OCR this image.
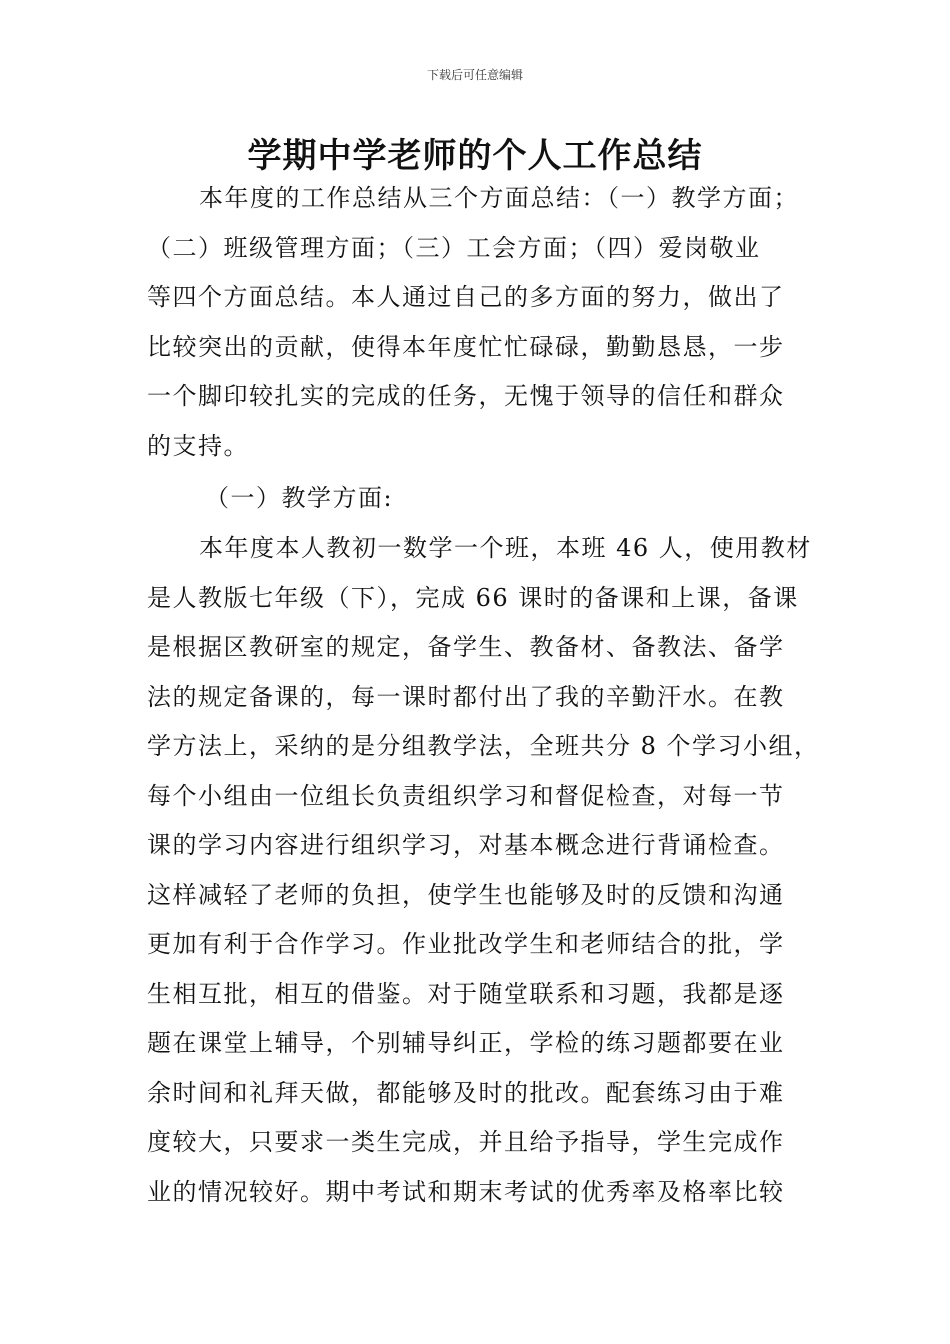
下载后可任意编辑
学期中学老师的个人工作总结
本年度的工作总结从三个方面总结：（一）教学方面；
（二）班级管理方面；（三）工会方面；（四）爱岗敬业
等四个方面总结。本人通过自己的多方面的努力，做出了
比较突出的贡献，使得本年度忙忙碌碌，勤勤恳恳，一步
一个脚印较扎实的完成的任务，无愧于领导的信任和群众
的支持。
（一）教学方面:
本年度本人教初一数学一个班，本班 46 人，使用教材
是人教版七年级（下），完成 66 课时的备课和上课，备课
是根据区教研室的规定，备学生、教备材、备教法、备学
法的规定备课的，每一课时都付出了我的辛勤汗水。在教
学方法上，采纳的是分组教学法，全班共分 8 个学习小组，
每个小组由一位组长负责组织学习和督促检查，对每一节
课的学习内容进行组织学习，对基本概念进行背诵检查。
这样减轻了老师的负担，使学生也能够及时的反馈和沟通
更加有利于合作学习。作业批改学生和老师结合的批，学
生相互批，相互的借鉴。对于随堂联系和习题，我都是逐
题在课堂上辅导，个别辅导纠正，学检的练习题都要在业
余时间和礼拜天做，都能够及时的批改。配套练习由于难
度较大，只要求一类生完成，并且给予指导，学生完成作
业的情况较好。期中考试和期末考试的优秀率及格率比较
